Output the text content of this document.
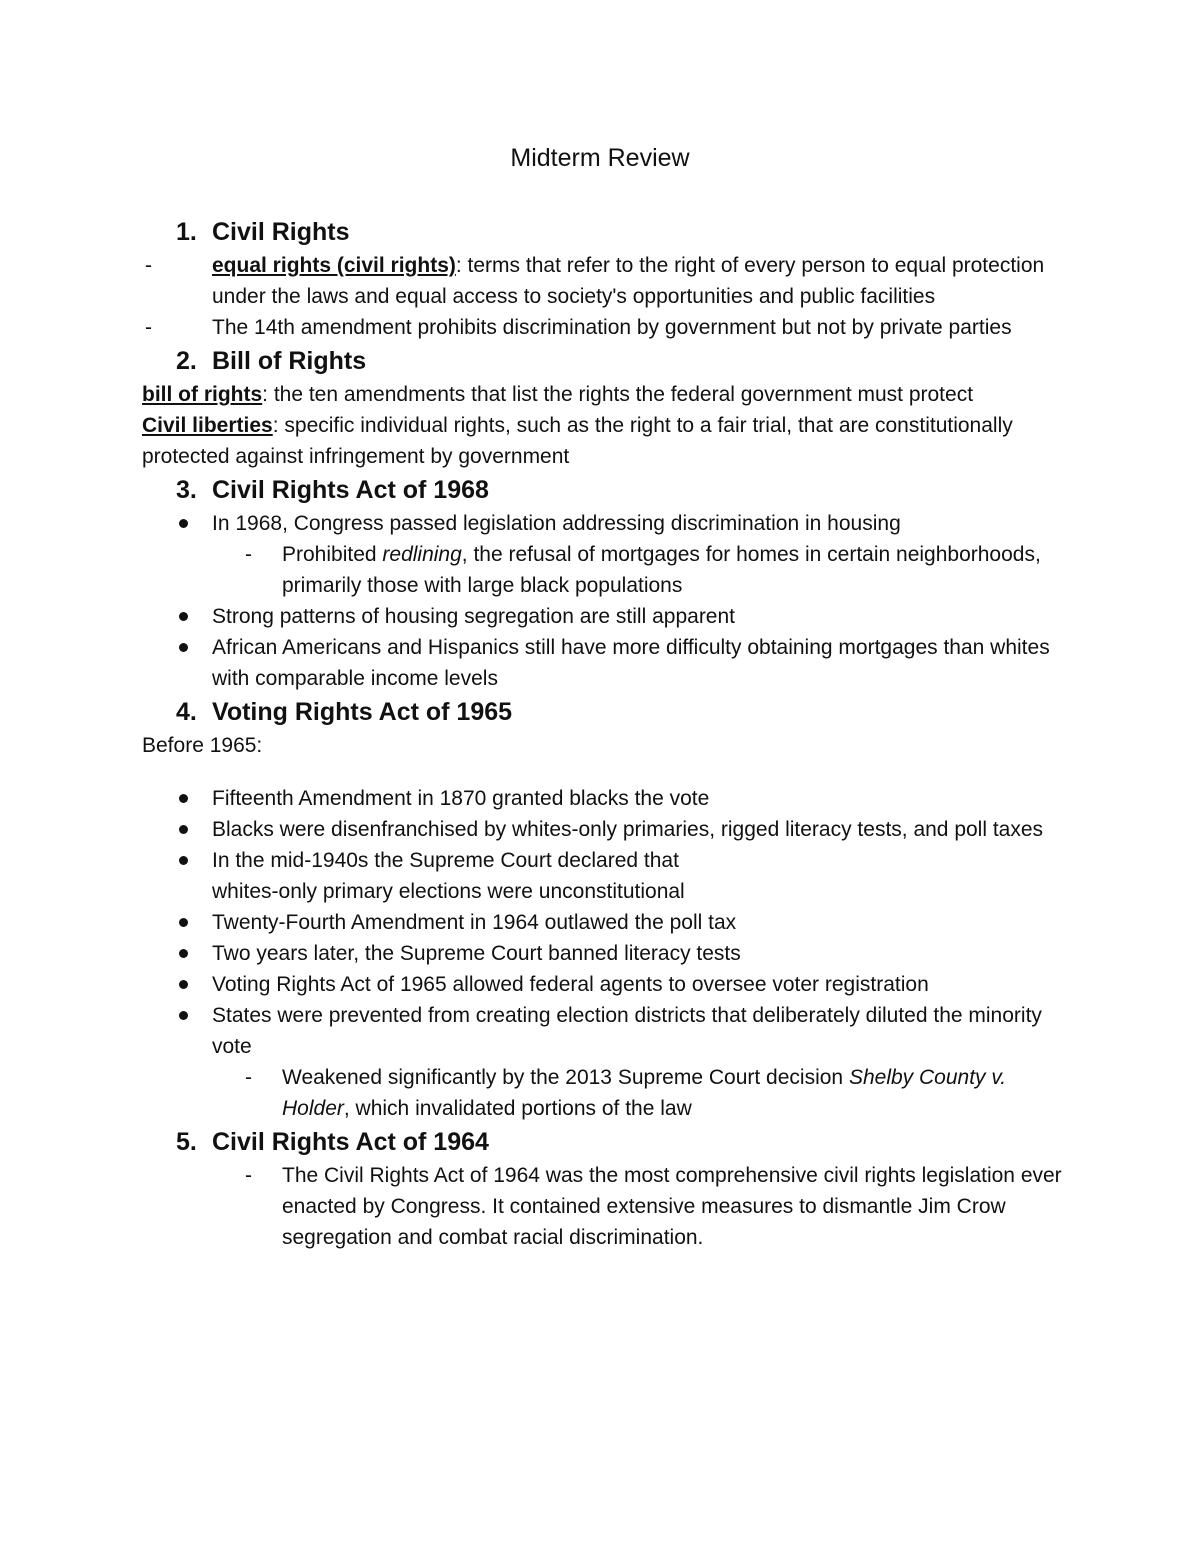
Midterm Review
1. Civil Rights
- equal rights (civil rights): terms that refer to the right of every person to equal protection under the laws and equal access to society's opportunities and public facilities
- The 14th amendment prohibits discrimination by government but not by private parties
2. Bill of Rights
bill of rights: the ten amendments that list the rights the federal government must protect
Civil liberties: specific individual rights, such as the right to a fair trial, that are constitutionally protected against infringement by government
3. Civil Rights Act of 1968
In 1968, Congress passed legislation addressing discrimination in housing
- Prohibited redlining, the refusal of mortgages for homes in certain neighborhoods, primarily those with large black populations
Strong patterns of housing segregation are still apparent
African Americans and Hispanics still have more difficulty obtaining mortgages than whites with comparable income levels
4. Voting Rights Act of 1965
Before 1965:
Fifteenth Amendment in 1870 granted blacks the vote
Blacks were disenfranchised by whites-only primaries, rigged literacy tests, and poll taxes
In the mid-1940s the Supreme Court declared that
whites-only primary elections were unconstitutional
Twenty-Fourth Amendment in 1964 outlawed the poll tax
Two years later, the Supreme Court banned literacy tests
Voting Rights Act of 1965 allowed federal agents to oversee voter registration
States were prevented from creating election districts that deliberately diluted the minority vote
- Weakened significantly by the 2013 Supreme Court decision Shelby County v. Holder, which invalidated portions of the law
5. Civil Rights Act of 1964
- The Civil Rights Act of 1964 was the most comprehensive civil rights legislation ever enacted by Congress. It contained extensive measures to dismantle Jim Crow segregation and combat racial discrimination.
